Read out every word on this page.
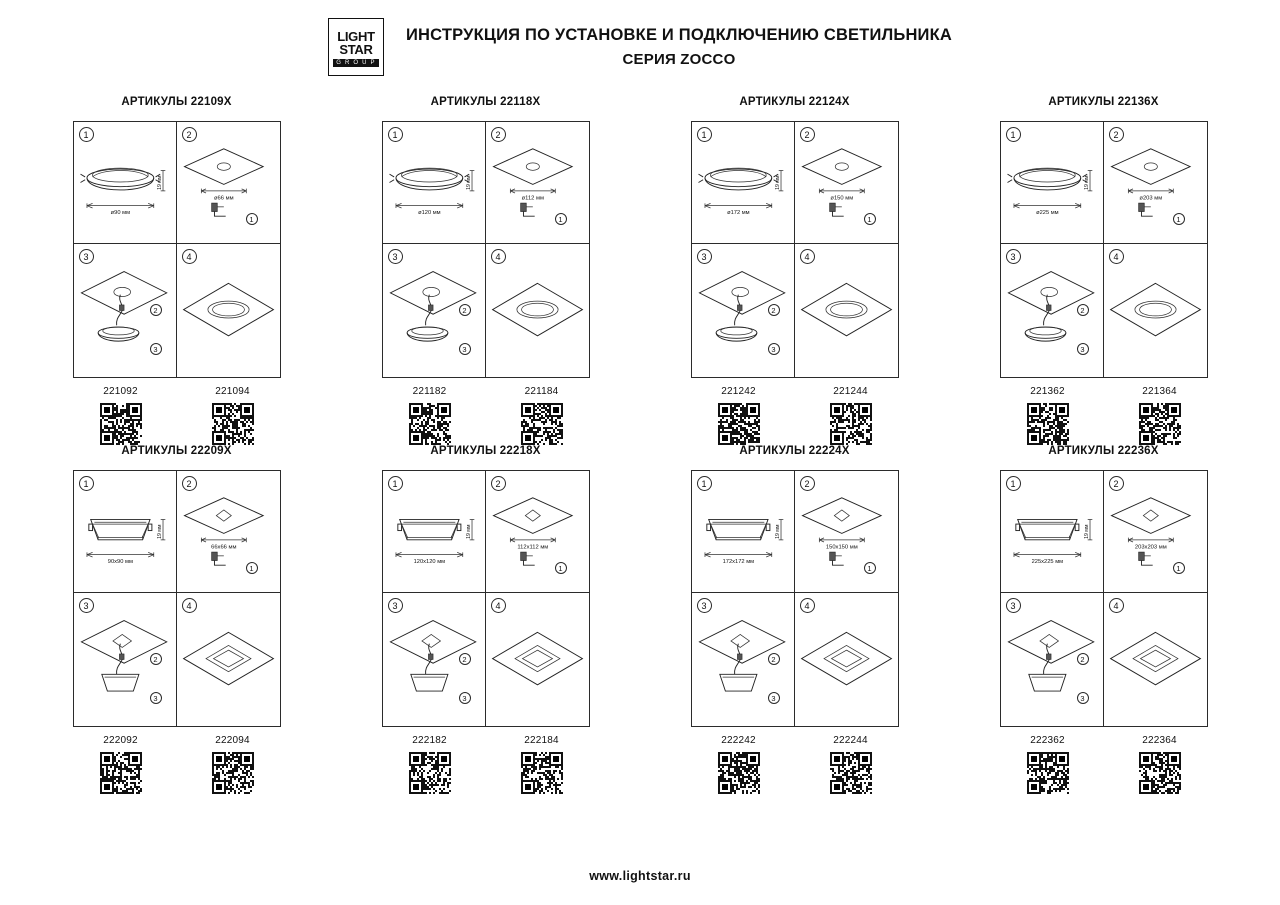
LIGHT
STAR
G R O U P
ИНСТРУКЦИЯ ПО УСТАНОВКЕ И ПОДКЛЮЧЕНИЮ СВЕТИЛЬНИКА
СЕРИЯ ZOCCO
АРТИКУЛЫ 22109Х
1
19 мм
ø90 мм
2
ø66 мм
1
3
2
3
4
221092	221094
АРТИКУЛЫ 22118Х
1
19 мм
ø120 мм
2
ø112 мм
1
3
2
3
4
221182	221184
АРТИКУЛЫ 22124Х
1
19 мм
ø172 мм
2
ø150 мм
1
3
2
3
4
221242	221244
АРТИКУЛЫ 22136Х
1
19 мм
ø225 мм
2
ø203 мм
1
3
2
3
4
221362	221364
АРТИКУЛЫ 22209Х
1
19 мм
90x90 мм
2
66x66 мм
1
3
2
3
4
222092	222094
АРТИКУЛЫ 22218Х
1
19 мм
120x120 мм
2
112x112 мм
1
3
2
3
4
222182	222184
АРТИКУЛЫ 22224Х
1
19 мм
172x172 мм
2
150x150 мм
1
3
2
3
4
222242	222244
АРТИКУЛЫ 22236Х
1
19 мм
225x225 мм
2
203x203 мм
1
3
2
3
4
222362	222364
www.lightstar.ru
